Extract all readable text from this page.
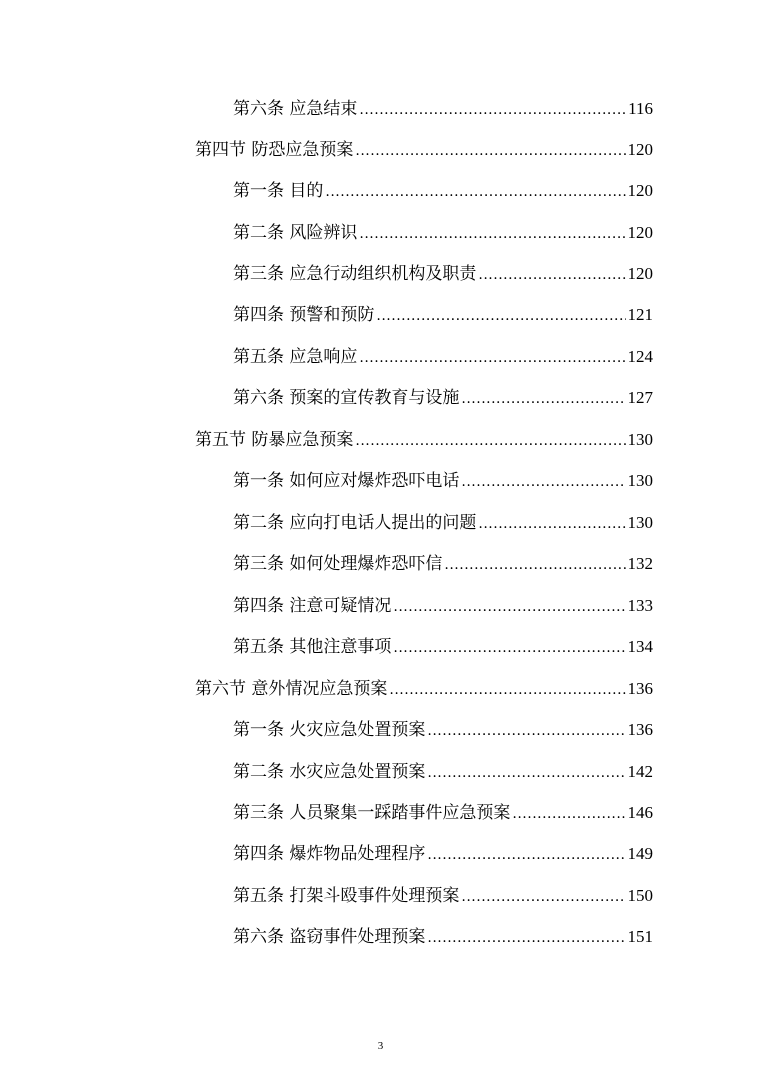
第六条 应急结束 .....	116
第四节 防恐应急预案 .....	120
第一条 目的 .....	120
第二条 风险辨识 .....	120
第三条 应急行动组织机构及职责 .....	120
第四条 预警和预防 .....	121
第五条 应急响应 .....	124
第六条 预案的宣传教育与设施 .....	127
第五节 防暴应急预案 .....	130
第一条 如何应对爆炸恐吓电话 .....	130
第二条 应向打电话人提出的问题 .....	130
第三条 如何处理爆炸恐吓信 .....	132
第四条 注意可疑情况 .....	133
第五条 其他注意事项 .....	134
第六节 意外情况应急预案 .....	136
第一条 火灾应急处置预案 .....	136
第二条 水灾应急处置预案 .....	142
第三条 人员聚集一踩踏事件应急预案 .....	146
第四条 爆炸物品处理程序 .....	149
第五条 打架斗殴事件处理预案 .....	150
第六条 盗窃事件处理预案 .....	151
3
